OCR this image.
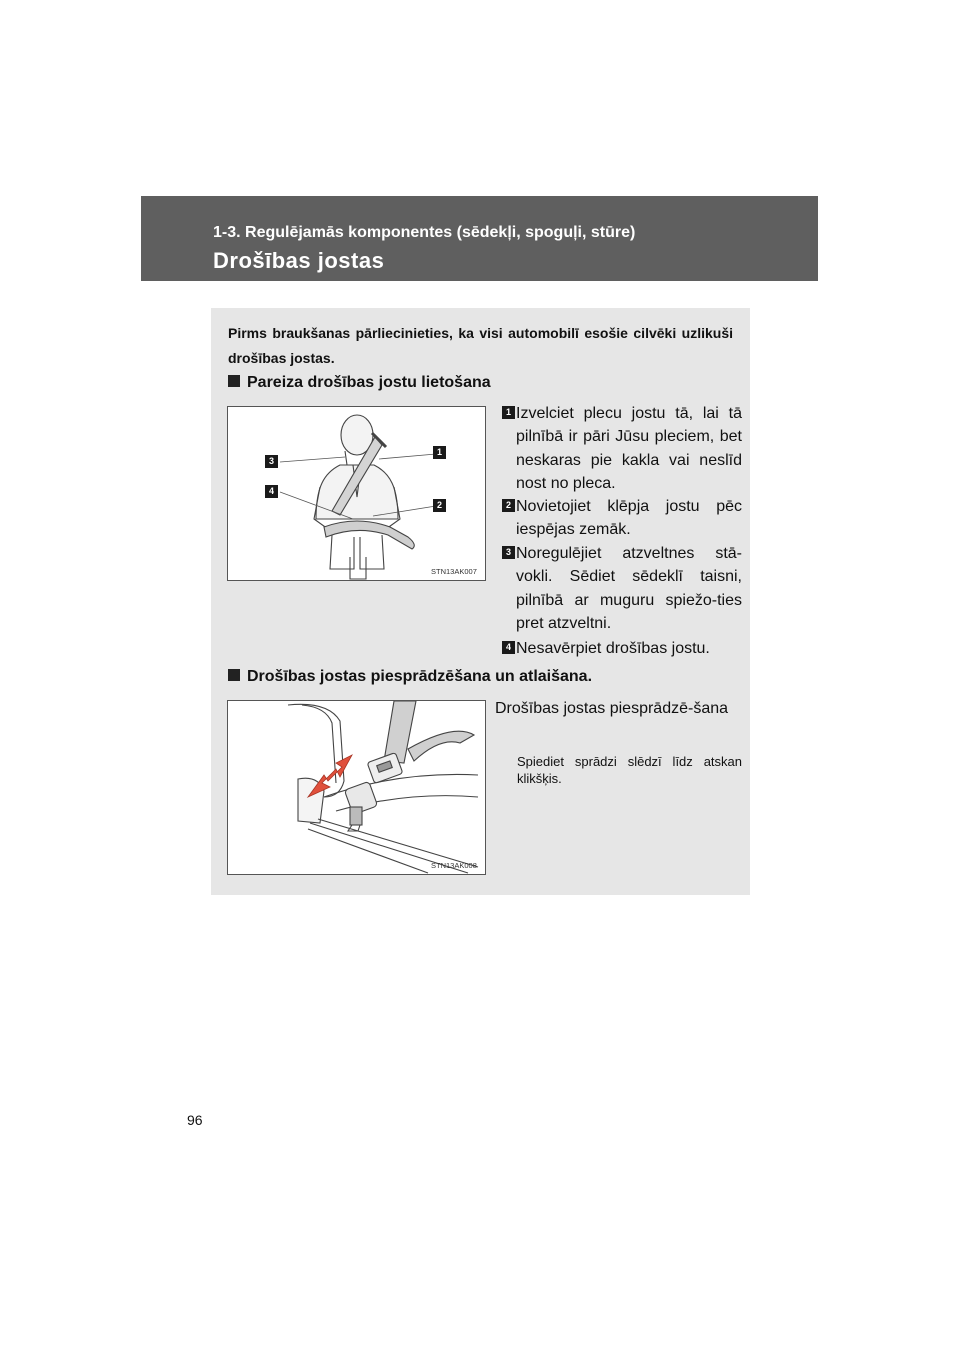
1-3. Regulējamās komponentes (sēdekļi, spoguļi, stūre)
Drošības jostas
Pirms braukšanas pārliecinieties, ka visi automobilī esošie cilvēki uzlikuši drošības jostas.
Pareiza drošības jostu lietošana
3
4
1
2
STN13AK007
1 Izvelciet plecu jostu tā, lai tā pilnībā ir pāri Jūsu pleciem, bet neskaras pie kakla vai neslīd nost no pleca.
2 Novietojiet klēpja jostu pēc iespējas zemāk.
3 Noregulējiet atzveltnes stā-vokli. Sēdiet sēdeklī taisni, pilnībā ar muguru spiežo-ties pret atzveltni.
4 Nesavērpiet drošības jostu.
Drošības jostas piesprādzēšana un atlaišana.
STN13AK008
Drošības jostas piesprādzē-šana
Spiediet sprādzi slēdzī līdz atskan klikšķis.
96
